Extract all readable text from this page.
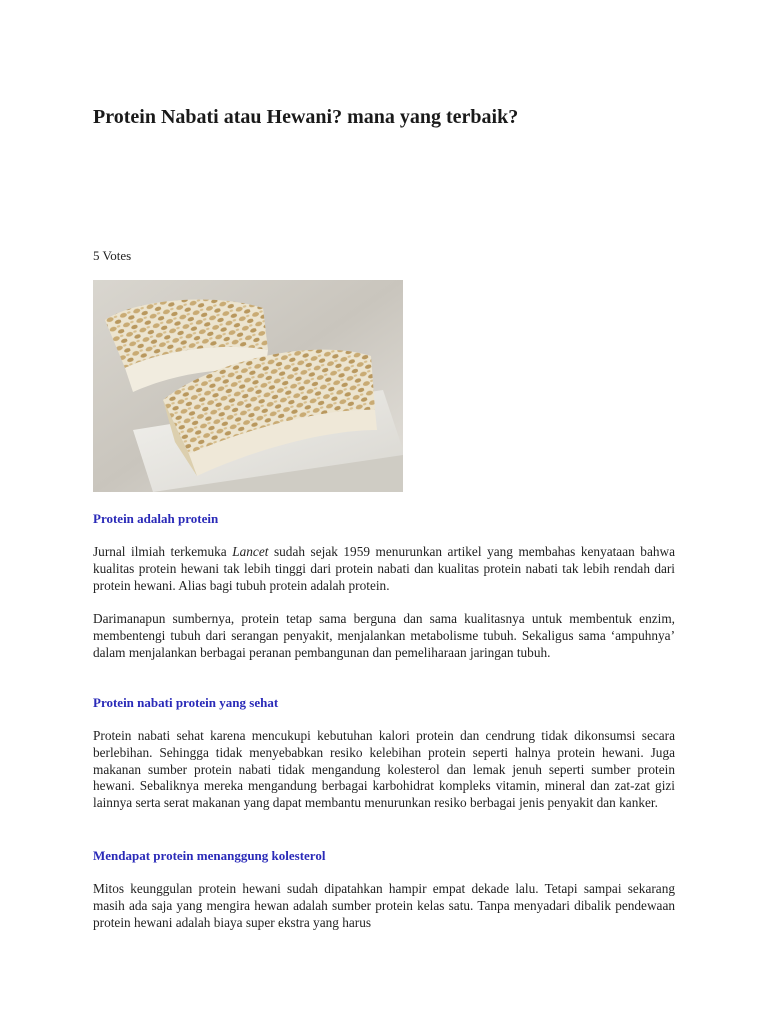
Protein Nabati atau Hewani? mana yang terbaik?
5 Votes
Protein adalah protein

Jurnal ilmiah terkemuka Lancet sudah sejak 1959 menurunkan artikel yang membahas kenyataan bahwa kualitas protein hewani tak lebih tinggi dari protein nabati dan kualitas protein nabati tak lebih rendah dari protein hewani. Alias bagi tubuh protein adalah protein.

Darimanapun sumbernya, protein tetap sama berguna dan sama kualitasnya untuk membentuk enzim, membentengi tubuh dari serangan penyakit, menjalankan metabolisme tubuh. Sekaligus sama ‘ampuhnya’ dalam menjalankan berbagai peranan pembangunan dan pemeliharaan jaringan tubuh.

Protein nabati protein yang sehat

Protein nabati sehat karena mencukupi kebutuhan kalori protein dan cendrung tidak dikonsumsi secara berlebihan. Sehingga tidak menyebabkan resiko kelebihan protein seperti halnya protein hewani. Juga makanan sumber protein nabati tidak mengandung kolesterol dan lemak jenuh seperti sumber protein hewani. Sebaliknya mereka mengandung berbagai karbohidrat kompleks vitamin, mineral dan zat-zat gizi lainnya serta serat makanan yang dapat membantu menurunkan resiko berbagai jenis penyakit dan kanker.

Mendapat protein menanggung kolesterol

Mitos keunggulan protein hewani sudah dipatahkan hampir empat dekade lalu. Tetapi sampai sekarang masih ada saja yang mengira hewan adalah sumber protein kelas satu. Tanpa menyadari dibalik pendewaan protein hewani adalah biaya super ekstra yang harus
